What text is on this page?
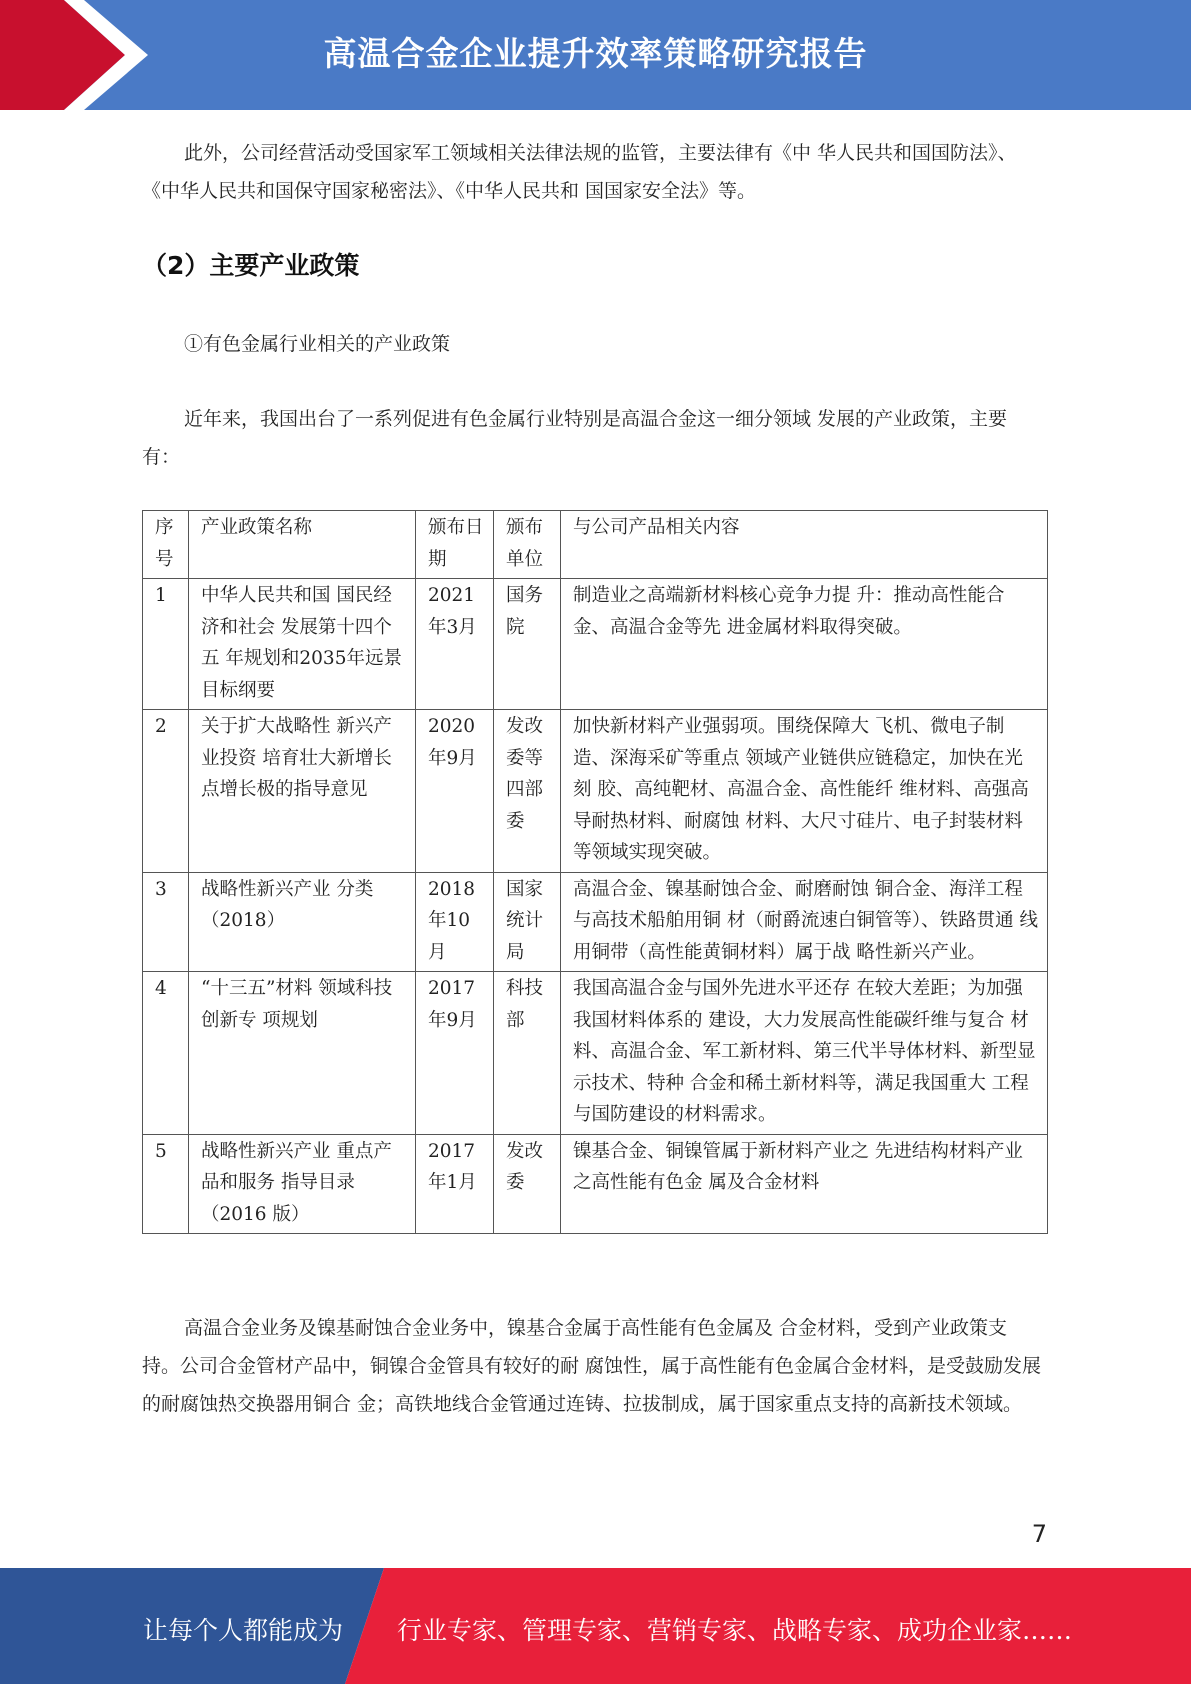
高温合金企业提升效率策略研究报告

此外，公司经营活动受国家军工领域相关法律法规的监管，主要法律有《中 华人民共和国国防法》、《中华人民共和国保守国家秘密法》、《中华人民共和 国国家安全法》等。

（2）主要产业政策

①有色金属行业相关的产业政策

近年来，我国出台了一系列促进有色金属行业特别是高温合金这一细分领域 发展的产业政策，主要有：

序号	产业政策名称	颁布日期	颁布单位	与公司产品相关内容
1	中华人民共和国 国民经济和社会 发展第十四个五 年规划和2035年远景目标纲要	2021年3月	国务院	制造业之高端新材料核心竞争力提 升：推动高性能合金、高温合金等先 进金属材料取得突破。
2	关于扩大战略性 新兴产业投资 培育壮大新增长 点增长极的指导意见	2020年9月	发改委等四部委	加快新材料产业强弱项。围绕保障大 飞机、微电子制造、深海采矿等重点 领域产业链供应链稳定，加快在光刻 胶、高纯靶材、高温合金、高性能纤 维材料、高强高导耐热材料、耐腐蚀 材料、大尺寸硅片、电子封装材料等领域实现突破。
3	战略性新兴产业 分类（2018）	2018年10月	国家统计局	高温合金、镍基耐蚀合金、耐磨耐蚀 铜合金、海洋工程与高技术船舶用铜 材（耐爵流速白铜管等）、铁路贯通 线用铜带（高性能黄铜材料）属于战 略性新兴产业。
4	“十三五”材料 领域科技创新专 项规划	2017年9月	科技部	我国高温合金与国外先进水平还存 在较大差距；为加强我国材料体系的 建设，大力发展高性能碳纤维与复合 材料、高温合金、军工新材料、第三代半导体材料、新型显示技术、特种 合金和稀土新材料等，满足我国重大 工程与国防建设的材料需求。
5	战略性新兴产业 重点产品和服务 指导目录（2016 版）	2017年1月	发改委	镍基合金、铜镍管属于新材料产业之 先进结构材料产业之高性能有色金 属及合金材料

高温合金业务及镍基耐蚀合金业务中，镍基合金属于高性能有色金属及 合金材料，受到产业政策支持。公司合金管材产品中，铜镍合金管具有较好的耐 腐蚀性，属于高性能有色金属合金材料，是受鼓励发展的耐腐蚀热交换器用铜合 金；高铁地线合金管通过连铸、拉拔制成，属于国家重点支持的高新技术领域。

7
让每个人都能成为 行业专家、管理专家、营销专家、战略专家、成功企业家……
